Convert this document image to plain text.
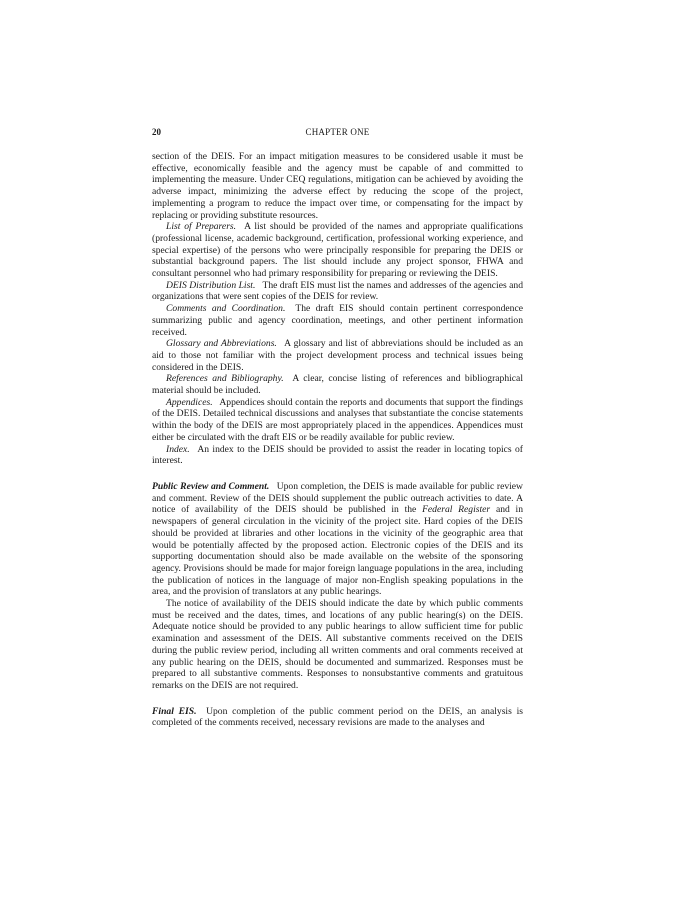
20	CHAPTER ONE

section of the DEIS. For an impact mitigation measures to be considered usable it must be effective, economically feasible and the agency must be capable of and committed to implementing the measure. Under CEQ regulations, mitigation can be achieved by avoiding the adverse impact, minimizing the adverse effect by reducing the scope of the project, implementing a program to reduce the impact over time, or compensating for the impact by replacing or providing substitute resources.

List of Preparers.  A list should be provided of the names and appropriate qualifications (professional license, academic background, certification, professional working experience, and special expertise) of the persons who were principally responsible for preparing the DEIS or substantial background papers. The list should include any project sponsor, FHWA and consultant personnel who had primary responsibility for preparing or reviewing the DEIS.

DEIS Distribution List.  The draft EIS must list the names and addresses of the agencies and organizations that were sent copies of the DEIS for review.

Comments and Coordination.  The draft EIS should contain pertinent correspondence summarizing public and agency coordination, meetings, and other pertinent information received.

Glossary and Abbreviations.  A glossary and list of abbreviations should be included as an aid to those not familiar with the project development process and technical issues being considered in the DEIS.

References and Bibliography.  A clear, concise listing of references and bibliographical material should be included.

Appendices.  Appendices should contain the reports and documents that support the findings of the DEIS. Detailed technical discussions and analyses that substantiate the concise statements within the body of the DEIS are most appropriately placed in the appendices. Appendices must either be circulated with the draft EIS or be readily available for public review.

Index.  An index to the DEIS should be provided to assist the reader in locating topics of interest.

Public Review and Comment.  Upon completion, the DEIS is made available for public review and comment. Review of the DEIS should supplement the public outreach activities to date. A notice of availability of the DEIS should be published in the Federal Register and in newspapers of general circulation in the vicinity of the project site. Hard copies of the DEIS should be provided at libraries and other locations in the vicinity of the geographic area that would be potentially affected by the proposed action. Electronic copies of the DEIS and its supporting documentation should also be made available on the website of the sponsoring agency. Provisions should be made for major foreign language populations in the area, including the publication of notices in the language of major non-English speaking populations in the area, and the provision of translators at any public hearings.

The notice of availability of the DEIS should indicate the date by which public comments must be received and the dates, times, and locations of any public hearing(s) on the DEIS. Adequate notice should be provided to any public hearings to allow sufficient time for public examination and assessment of the DEIS. All substantive comments received on the DEIS during the public review period, including all written comments and oral comments received at any public hearing on the DEIS, should be documented and summarized. Responses must be prepared to all substantive comments. Responses to nonsubstantive comments and gratuitous remarks on the DEIS are not required.

Final EIS.  Upon completion of the public comment period on the DEIS, an analysis is completed of the comments received, necessary revisions are made to the analyses and
